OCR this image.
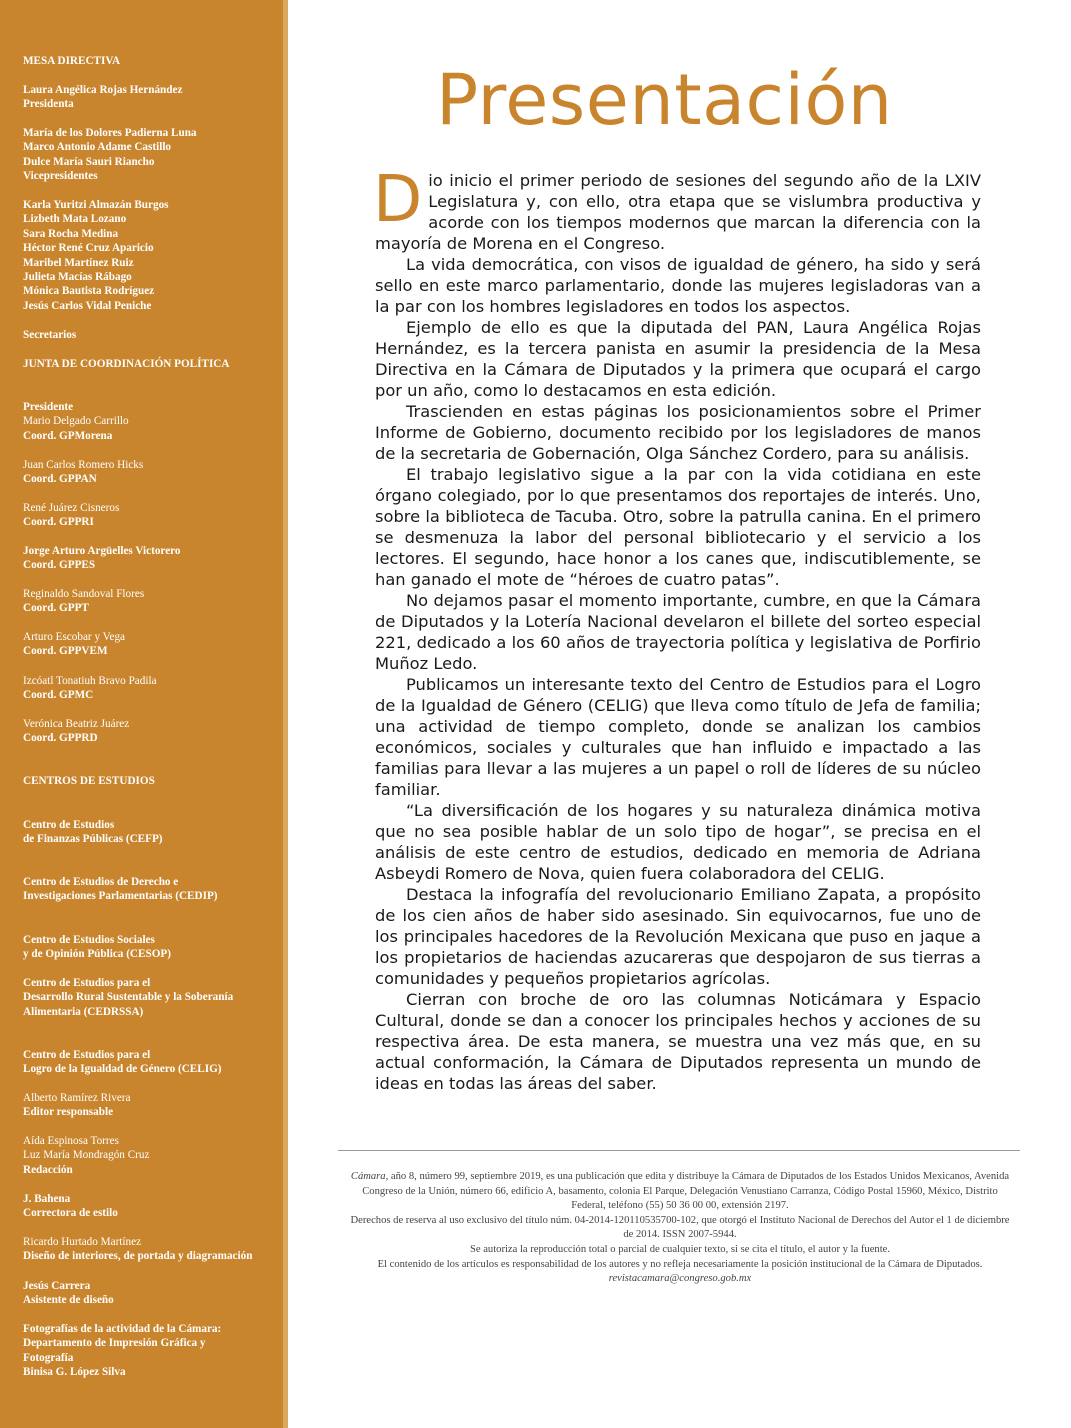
MESA DIRECTIVA
Laura Angélica Rojas Hernández
Presidenta
María de los Dolores Padierna Luna
Marco Antonio Adame Castillo
Dulce María Sauri Riancho
Vicepresidentes
Karla Yuritzi Almazán Burgos
Lizbeth Mata Lozano
Sara Rocha Medina
Héctor René Cruz Aparicio
Maribel Martínez Ruiz
Julieta Macías Rábago
Mónica Bautista Rodríguez
Jesús Carlos Vidal Peniche
Secretarios
JUNTA DE COORDINACIÓN POLÍTICA
Presidente
Mario Delgado Carrillo
Coord. GPMorena
Juan Carlos Romero Hicks
Coord. GPPAN
René Juárez Cisneros
Coord. GPPRI
Jorge Arturo Argüelles Victorero
Coord. GPPES
Reginaldo Sandoval Flores
Coord. GPPT
Arturo Escobar y Vega
Coord. GPPVEM
Izcóatl Tonatiuh Bravo Padila
Coord. GPMC
Verónica Beatriz Juárez
Coord. GPPRD
CENTROS DE ESTUDIOS
Centro de Estudios
de Finanzas Públicas (CEFP)
Centro de Estudios de Derecho e
Investigaciones Parlamentarias (CEDIP)
Centro de Estudios Sociales
y de Opinión Pública (CESOP)
Centro de Estudios para el
Desarrollo Rural Sustentable y la Soberanía
Alimentaria (CEDRSSA)
Centro de Estudios para el
Logro de la Igualdad de Género (CELIG)
Alberto Ramírez Rivera
Editor responsable
Aída Espinosa Torres
Luz María Mondragón Cruz
Redacción
J. Bahena
Correctora de estilo
Ricardo Hurtado Martínez
Diseño de interiores, de portada y diagramación
Jesús Carrera
Asistente de diseño
Fotografías de la actividad de la Cámara:
Departamento de Impresión Gráfica y
Fotografía
Binisa G. López Silva
Presentación

Dio inicio el primer periodo de sesiones del segundo año de la LXIV Legislatura y, con ello, otra etapa que se vislumbra productiva y acorde con los tiempos modernos que marcan la diferencia con la mayoría de Morena en el Congreso.

La vida democrática, con visos de igualdad de género, ha sido y será sello en este marco parlamentario, donde las mujeres legisladoras van a la par con los hombres legisladores en todos los aspectos.

Ejemplo de ello es que la diputada del PAN, Laura Angélica Rojas Hernández, es la tercera panista en asumir la presidencia de la Mesa Directiva en la Cámara de Diputados y la primera que ocupará el cargo por un año, como lo destacamos en esta edición.

Trascienden en estas páginas los posicionamientos sobre el Primer Informe de Gobierno, documento recibido por los legisladores de manos de la secretaria de Gobernación, Olga Sánchez Cordero, para su análisis.

El trabajo legislativo sigue a la par con la vida cotidiana en este órgano colegiado, por lo que presentamos dos reportajes de interés. Uno, sobre la biblioteca de Tacuba. Otro, sobre la patrulla canina. En el primero se desmenuza la labor del personal bibliotecario y el servicio a los lectores. El segundo, hace honor a los canes que, indiscutiblemente, se han ganado el mote de “héroes de cuatro patas”.

No dejamos pasar el momento importante, cumbre, en que la Cámara de Diputados y la Lotería Nacional develaron el billete del sorteo especial 221, dedicado a los 60 años de trayectoria política y legislativa de Porfirio Muñoz Ledo.

Publicamos un interesante texto del Centro de Estudios para el Logro de la Igualdad de Género (CELIG) que lleva como título de Jefa de familia; una actividad de tiempo completo, donde se analizan los cambios económicos, sociales y culturales que han influido e impactado a las familias para llevar a las mujeres a un papel o roll de líderes de su núcleo familiar.

“La diversificación de los hogares y su naturaleza dinámica motiva que no sea posible hablar de un solo tipo de hogar”, se precisa en el análisis de este centro de estudios, dedicado en memoria de Adriana Asbeydi Romero de Nova, quien fuera colaboradora del CELIG.

Destaca la infografía del revolucionario Emiliano Zapata, a propósito de los cien años de haber sido asesinado. Sin equivocarnos, fue uno de los principales hacedores de la Revolución Mexicana que puso en jaque a los propietarios de haciendas azucareras que despojaron de sus tierras a comunidades y pequeños propietarios agrícolas.

Cierran con broche de oro las columnas Noticámara y Espacio Cultural, donde se dan a conocer los principales hechos y acciones de su respectiva área. De esta manera, se muestra una vez más que, en su actual conformación, la Cámara de Diputados representa un mundo de ideas en todas las áreas del saber.

Cámara, año 8, número 99, septiembre 2019, es una publicación que edita y distribuye la Cámara de Diputados de los Estados Unidos Mexicanos, Avenida Congreso de la Unión, número 66, edificio A, basamento, colonia El Parque, Delegación Venustiano Carranza, Código Postal 15960, México, Distrito Federal, teléfono (55) 50 36 00 00, extensión 2197.
Derechos de reserva al uso exclusivo del título núm. 04-2014-120110535700-102, que otorgó el Instituto Nacional de Derechos del Autor el 1 de diciembre de 2014. ISSN 2007-5944.
Se autoriza la reproducción total o parcial de cualquier texto, si se cita el título, el autor y la fuente.
El contenido de los artículos es responsabilidad de los autores y no refleja necesariamente la posición institucional de la Cámara de Diputados.
revistacamara@congreso.gob.mx
